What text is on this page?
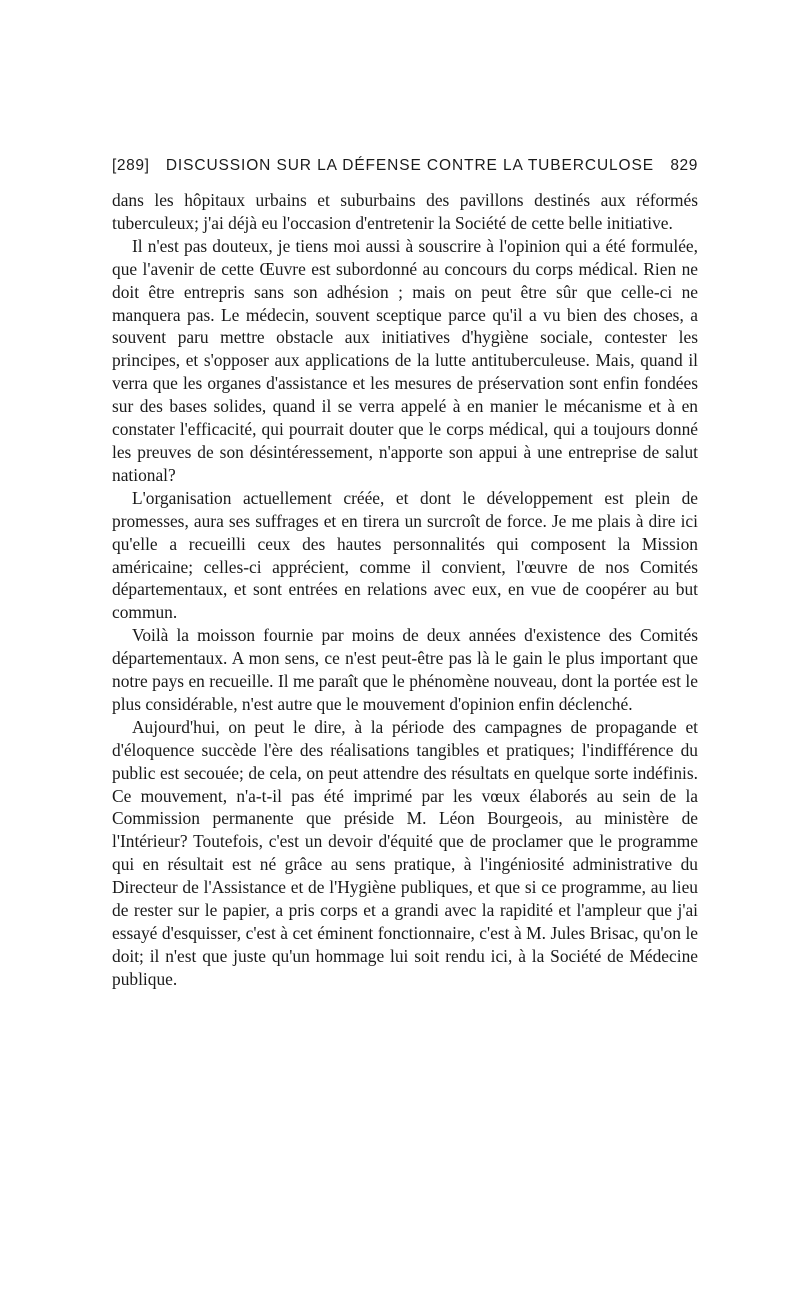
[289]	DISCUSSION SUR LA DÉFENSE CONTRE LA TUBERCULOSE	829

dans les hôpitaux urbains et suburbains des pavillons destinés aux réformés tuberculeux; j'ai déjà eu l'occasion d'entretenir la Société de cette belle initiative.

Il n'est pas douteux, je tiens moi aussi à souscrire à l'opinion qui a été formulée, que l'avenir de cette Œuvre est subordonné au concours du corps médical. Rien ne doit être entrepris sans son adhésion ; mais on peut être sûr que celle-ci ne manquera pas. Le médecin, souvent sceptique parce qu'il a vu bien des choses, a souvent paru mettre obstacle aux initiatives d'hygiène sociale, contester les principes, et s'opposer aux applications de la lutte antituberculeuse. Mais, quand il verra que les organes d'assistance et les mesures de préservation sont enfin fondées sur des bases solides, quand il se verra appelé à en manier le mécanisme et à en constater l'efficacité, qui pourrait douter que le corps médical, qui a toujours donné les preuves de son désintéressement, n'apporte son appui à une entreprise de salut national?

L'organisation actuellement créée, et dont le développement est plein de promesses, aura ses suffrages et en tirera un surcroît de force. Je me plais à dire ici qu'elle a recueilli ceux des hautes personnalités qui composent la Mission américaine; celles-ci apprécient, comme il convient, l'œuvre de nos Comités départementaux, et sont entrées en relations avec eux, en vue de coopérer au but commun.

Voilà la moisson fournie par moins de deux années d'existence des Comités départementaux. A mon sens, ce n'est peut-être pas là le gain le plus important que notre pays en recueille. Il me paraît que le phénomène nouveau, dont la portée est le plus considérable, n'est autre que le mouvement d'opinion enfin déclenché.

Aujourd'hui, on peut le dire, à la période des campagnes de propagande et d'éloquence succède l'ère des réalisations tangibles et pratiques; l'indifférence du public est secouée; de cela, on peut attendre des résultats en quelque sorte indéfinis. Ce mouvement, n'a-t-il pas été imprimé par les vœux élaborés au sein de la Commission permanente que préside M. Léon Bourgeois, au ministère de l'Intérieur? Toutefois, c'est un devoir d'équité que de proclamer que le programme qui en résultait est né grâce au sens pratique, à l'ingéniosité administrative du Directeur de l'Assistance et de l'Hygiène publiques, et que si ce programme, au lieu de rester sur le papier, a pris corps et a grandi avec la rapidité et l'ampleur que j'ai essayé d'esquisser, c'est à cet éminent fonctionnaire, c'est à M. Jules Brisac, qu'on le doit; il n'est que juste qu'un hommage lui soit rendu ici, à la Société de Médecine publique.
